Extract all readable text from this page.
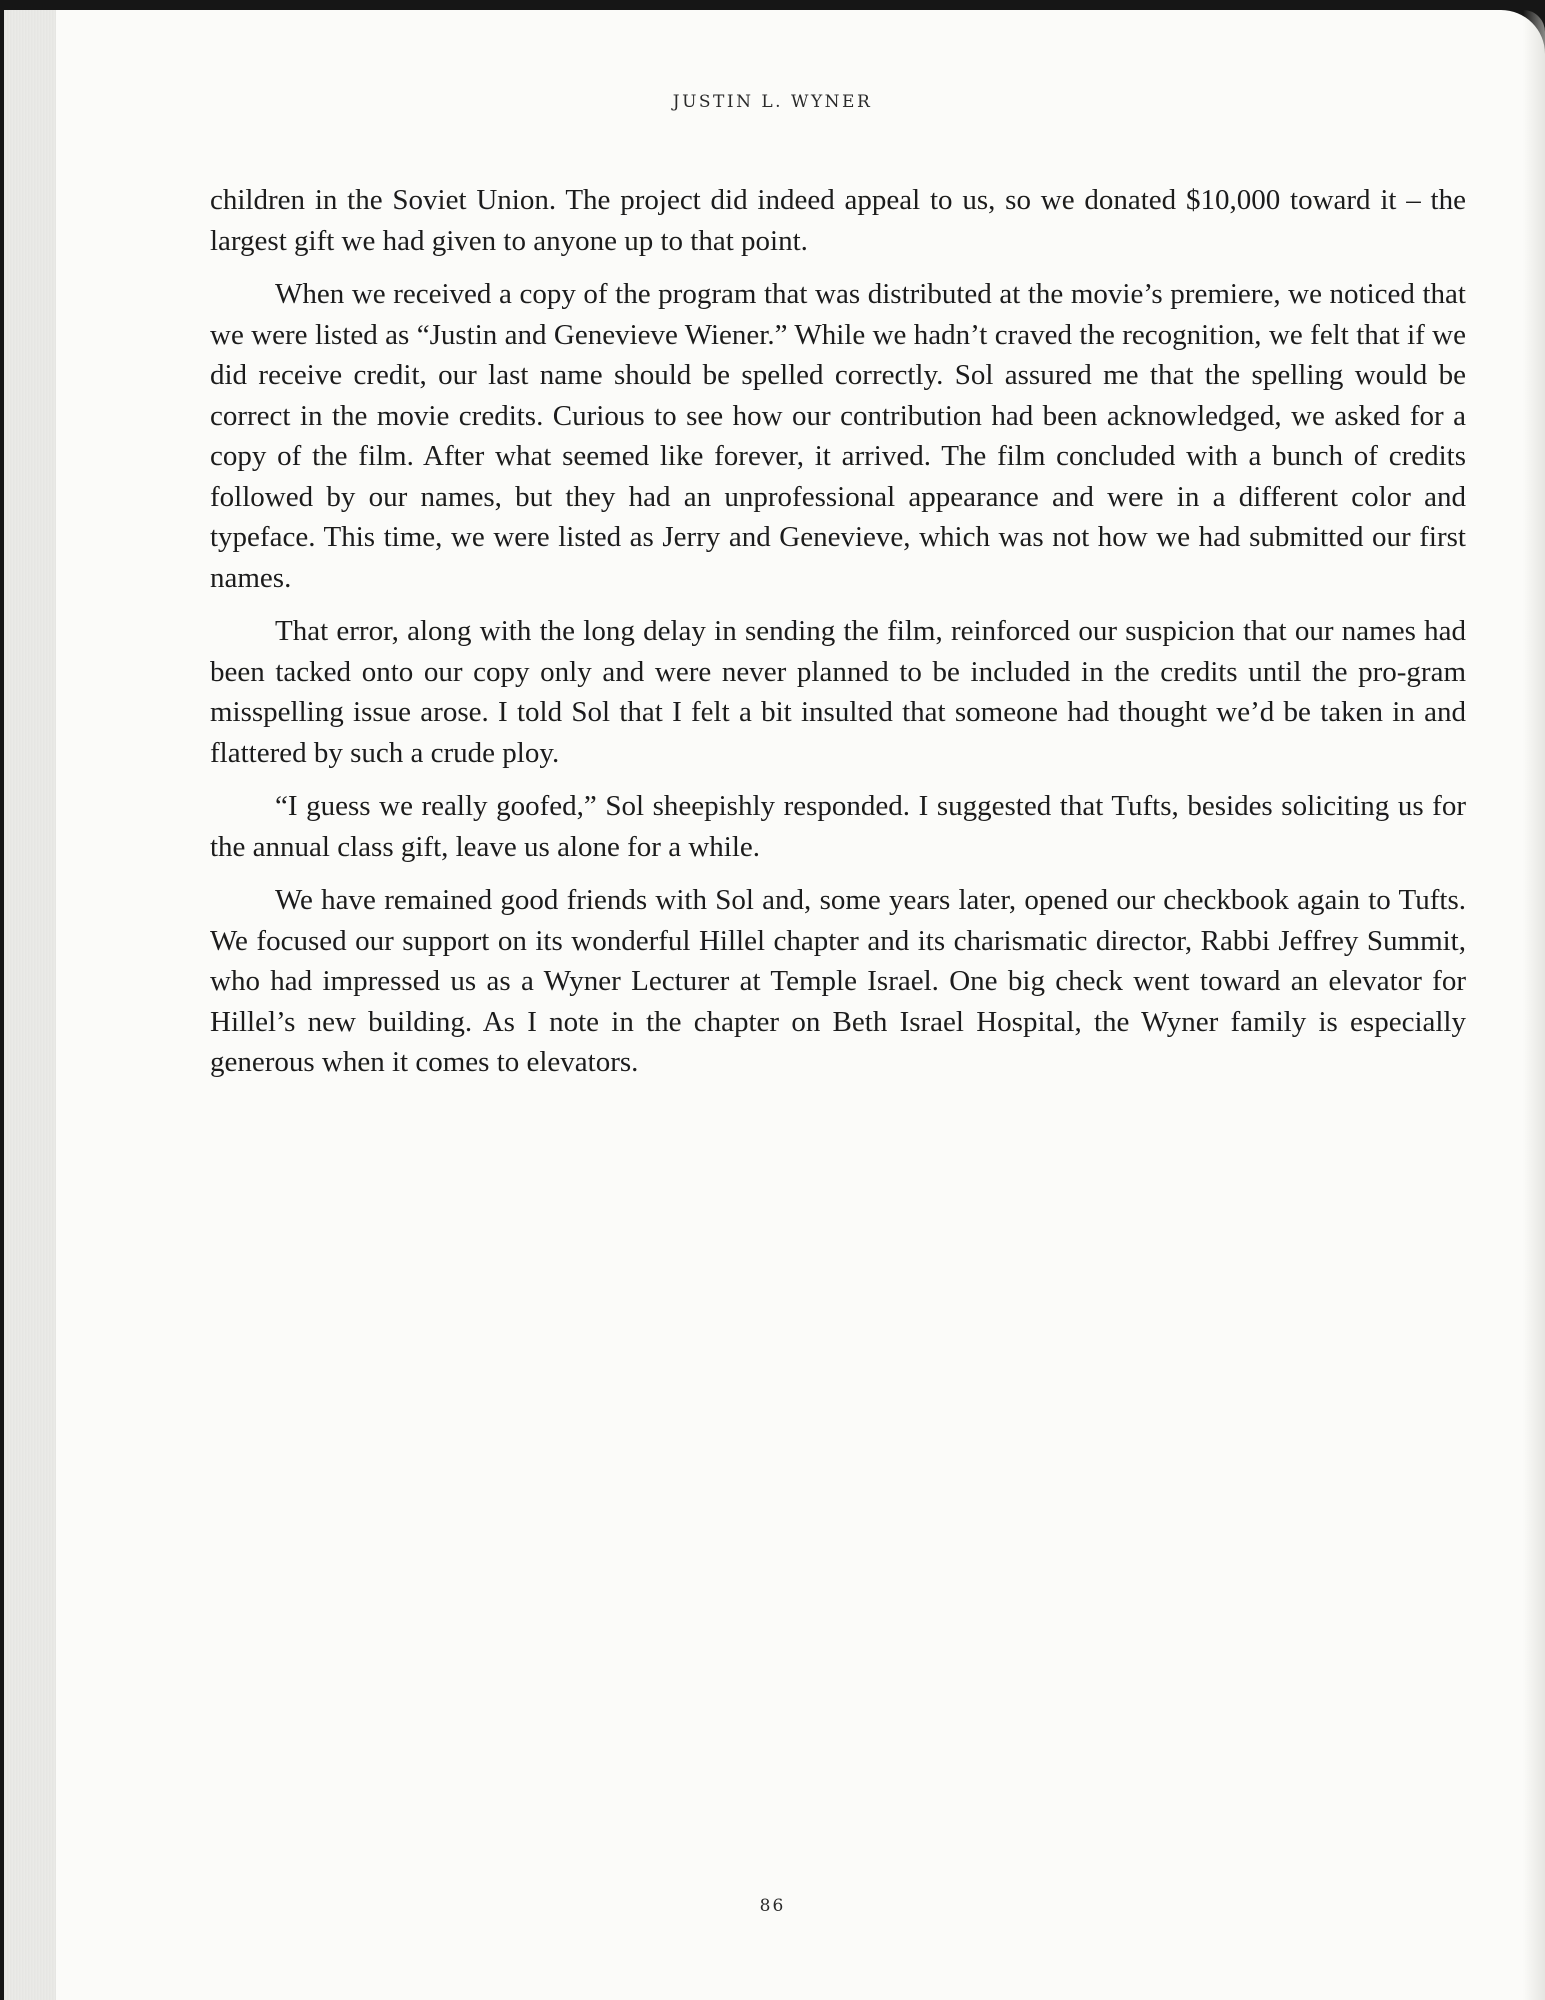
JUSTIN L. WYNER

children in the Soviet Union. The project did indeed appeal to us, so we donated $10,000 toward it – the largest gift we had given to anyone up to that point.

When we received a copy of the program that was distributed at the movie’s premiere, we noticed that we were listed as “Justin and Genevieve Wiener.” While we hadn’t craved the recognition, we felt that if we did receive credit, our last name should be spelled correctly. Sol assured me that the spelling would be correct in the movie credits. Curious to see how our contribution had been acknowledged, we asked for a copy of the film. After what seemed like forever, it arrived. The film concluded with a bunch of credits followed by our names, but they had an unprofessional appearance and were in a different color and typeface. This time, we were listed as Jerry and Genevieve, which was not how we had submitted our first names.

That error, along with the long delay in sending the film, reinforced our suspicion that our names had been tacked onto our copy only and were never planned to be included in the credits until the pro-gram misspelling issue arose. I told Sol that I felt a bit insulted that someone had thought we’d be taken in and flattered by such a crude ploy.

“I guess we really goofed,” Sol sheepishly responded. I suggested that Tufts, besides soliciting us for the annual class gift, leave us alone for a while.

We have remained good friends with Sol and, some years later, opened our checkbook again to Tufts. We focused our support on its wonderful Hillel chapter and its charismatic director, Rabbi Jeffrey Summit, who had impressed us as a Wyner Lecturer at Temple Israel. One big check went toward an elevator for Hillel’s new building. As I note in the chapter on Beth Israel Hospital, the Wyner family is especially generous when it comes to elevators.

86
